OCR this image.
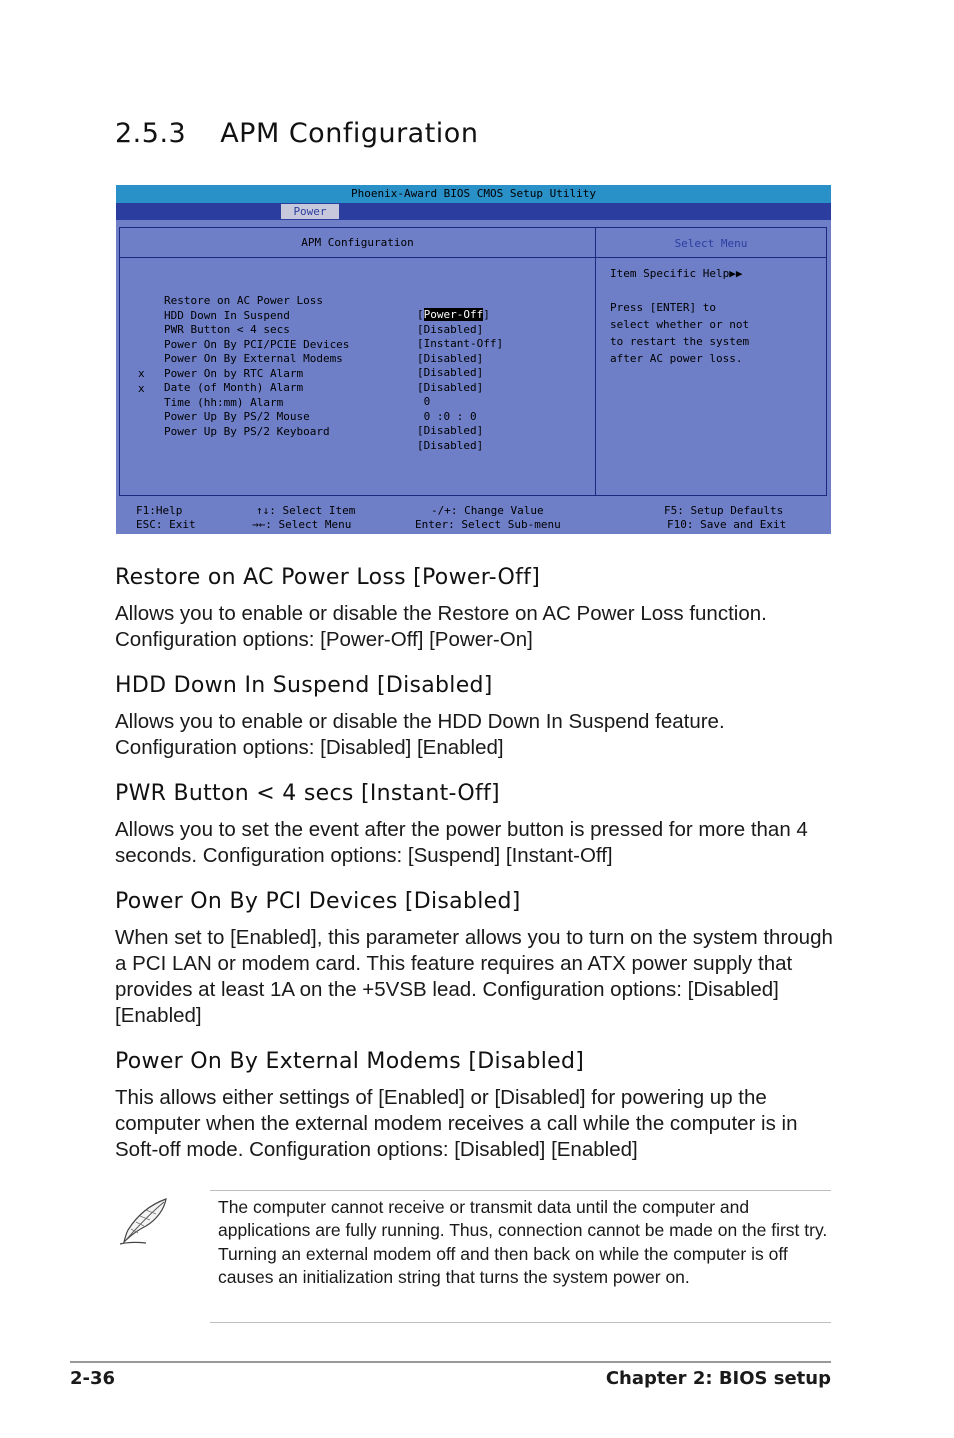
2.5.3 APM Configuration
Phoenix-Award BIOS CMOS Setup Utility
Power
APM Configuration	Select Menu

Restore on AC Power Loss

[Power-Off]

HDD Down In Suspend

[Disabled]

PWR Button < 4 secs

[Instant-Off]

Power On By PCI/PCIE Devices

[Disabled]

Power On By External Modems

[Disabled]

Power On by RTC Alarm

[Disabled]

x

Date (of Month) Alarm

0

x

Time (hh:mm) Alarm

0 :0 : 0

Power Up By PS/2 Mouse

[Disabled]

Power Up By PS/2 Keyboard

[Disabled]

Item Specific Help▶▶
Press [ENTER] to
select whether or not
to restart the system
after AC power loss.
F1:Help
ESC: Exit
↑↓: Select Item
→←: Select Menu
-/+: Change Value
Enter: Select Sub-menu
F5: Setup Defaults
F10: Save and Exit
Restore on AC Power Loss [Power-Off]

Allows you to enable or disable the Restore on AC Power Loss function. Configuration options: [Power-Off] [Power-On]

HDD Down In Suspend [Disabled]

Allows you to enable or disable the HDD Down In Suspend feature. Configuration options: [Disabled] [Enabled]

PWR Button < 4 secs [Instant-Off]

Allows you to set the event after the power button is pressed for more than 4 seconds. Configuration options: [Suspend] [Instant-Off]

Power On By PCI Devices [Disabled]

When set to [Enabled], this parameter allows you to turn on the system through a PCI LAN or modem card. This feature requires an ATX power supply that provides at least 1A on the +5VSB lead. Configuration options: [Disabled] [Enabled]

Power On By External Modems [Disabled]

This allows either settings of [Enabled] or [Disabled] for powering up the computer when the external modem receives a call while the computer is in Soft-off mode. Configuration options: [Disabled] [Enabled]

The computer cannot receive or transmit data until the computer and applications are fully running. Thus, connection cannot be made on the first try. Turning an external modem off and then back on while the computer is off causes an initialization string that turns the system power on.
2-36	Chapter 2: BIOS setup
